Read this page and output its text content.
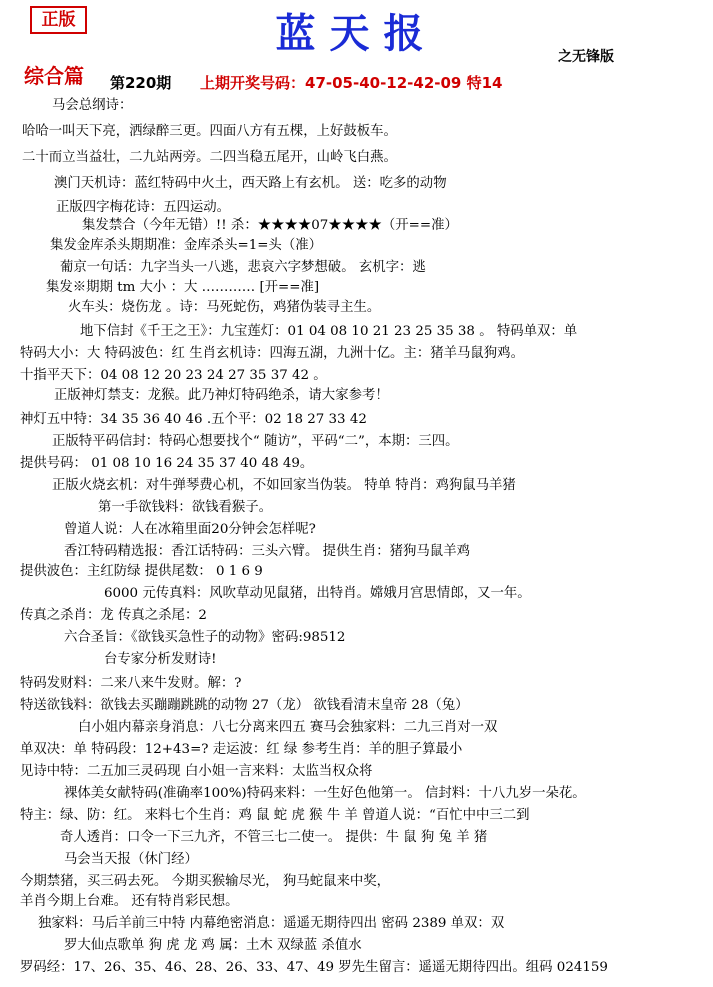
正版	蓝天报	之无锋版
综合篇 第220期 上期开奖号码：47-05-40-12-42-09 特14
马会总纲诗：
哈哈一叫天下亮，洒绿醉三更。四面八方有五棵，上好鼓板车。
二十而立当益壮，二九站两旁。二四当稳五尾开，山岭飞白燕。
澳门天机诗：蓝红特码中火土，西天路上有玄机。 送：吃多的动物
正版四字梅花诗：五四运动。
集发禁合（今年无错）!! 杀：★★★★07★★★★（开==准）
集发金库杀头期期准：金库杀头=1=头（准）
葡京一句话：九字当头一八逃，悲哀六字梦想破。 玄机字：逃
集发※期期 tm 大小 ：大 ………… [开==准]
火车头：烧伤龙 。诗：马死蛇伤，鸡猪伪装寻主生。
地下信封《千王之王》：九宝莲灯：01 04 08 10 21 23 25 35 38 。 特码单双：单
特码大小：大 特码波色：红 生肖玄机诗：四海五湖，九洲十亿。主：猪羊马鼠狗鸡。
十指平天下：04 08 12 20 23 24 27 35 37 42 。
正版神灯禁支：龙猴。此乃神灯特码绝杀，请大家参考！
神灯五中特：34 35 36 40 46 .五个平：02 18 27 33 42
正版特平码信封：特码心想要找个“ 随访”，平码“二”，本期：三四。
提供号码： 01 08 10 16 24 35 37 40 48 49。
正版火烧玄机：对牛弹琴费心机，不如回家当伪装。 特单 特肖：鸡狗鼠马羊猪
第一手欲钱料：欲钱看猴子。
曾道人说：人在冰箱里面20分钟会怎样呢?
香江特码精选报：香江话特码：三头六臂。 提供生肖：猪狗马鼠羊鸡
提供波色：主红防绿 提供尾数： 0 1 6 9
6000 元传真料：风吹草动见鼠猪，出特肖。嫦娥月宫思情郎，又一年。
传真之杀肖：龙 传真之杀尾：2
六合圣旨：《欲钱买急性子的动物》密码:98512
台专家分析发财诗!
特码发财料：二来八来牛发财。解：?
特送欲钱料：欲钱去买蹦蹦跳跳的动物 27（龙） 欲钱看清末皇帝 28（兔）
白小姐内幕亲身消息：八七分离来四五 赛马会独家料：二九三肖对一双
单双决：单 特码段：12+43=? 走运波：红 绿 参考生肖：羊的胆子算最小
见诗中特：二五加三灵码现 白小姐一言来料：太监当权众将
裸体美女献特码(准确率100%)特码来料：一生好色他第一。 信封料：十八九岁一朵花。
特主：绿、防：红。 来料七个生肖：鸡 鼠 蛇 虎 猴 牛 羊 曾道人说：“百忙中中三二到
奇人透肖：口令一下三九齐，不管三七二使一。 提供：牛 鼠 狗 兔 羊 猪
马会当天报（休门经）
今期禁猪，买三码去死。 今期买猴输尽光， 狗马蛇鼠来中奖，
羊肖今期上台难。 还有特肖彩民想。
独家料：马后羊前三中特 内幕绝密消息：遥遥无期待四出 密码 2389 单双：双
罗大仙点歌单 狗 虎 龙 鸡 属：土木 双绿蓝 杀值水
罗码经：17、26、35、46、28、26、33、47、49 罗先生留言：遥遥无期待四出。组码 024159
